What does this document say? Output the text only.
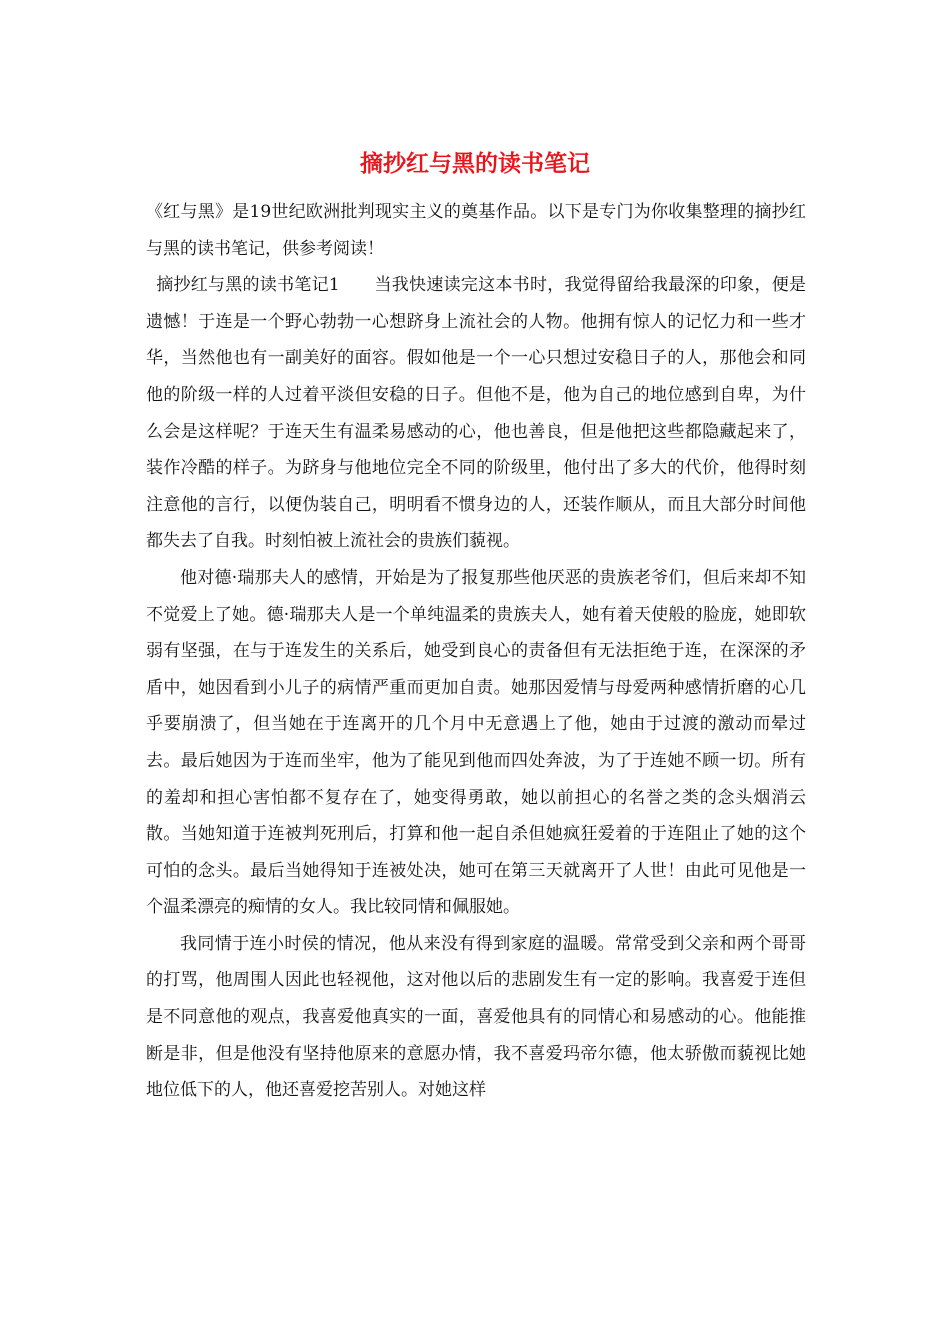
摘抄红与黑的读书笔记

《红与黑》是19世纪欧洲批判现实主义的奠基作品。以下是专门为你收集整理的摘抄红与黑的读书笔记，供参考阅读！

摘抄红与黑的读书笔记1　　当我快速读完这本书时，我觉得留给我最深的印象，便是遗憾！于连是一个野心勃勃一心想跻身上流社会的人物。他拥有惊人的记忆力和一些才华，当然他也有一副美好的面容。假如他是一个一心只想过安稳日子的人，那他会和同他的阶级一样的人过着平淡但安稳的日子。但他不是，他为自己的地位感到自卑，为什么会是这样呢？于连天生有温柔易感动的心，他也善良，但是他把这些都隐藏起来了，装作冷酷的样子。为跻身与他地位完全不同的阶级里，他付出了多大的代价，他得时刻注意他的言行，以便伪装自己，明明看不惯身边的人，还装作顺从，而且大部分时间他都失去了自我。时刻怕被上流社会的贵族们藐视。

他对德·瑞那夫人的感情，开始是为了报复那些他厌恶的贵族老爷们，但后来却不知不觉爱上了她。德·瑞那夫人是一个单纯温柔的贵族夫人，她有着天使般的脸庞，她即软弱有坚强，在与于连发生的关系后，她受到良心的责备但有无法拒绝于连，在深深的矛盾中，她因看到小儿子的病情严重而更加自责。她那因爱情与母爱两种感情折磨的心几乎要崩溃了，但当她在于连离开的几个月中无意遇上了他，她由于过渡的激动而晕过去。最后她因为于连而坐牢，他为了能见到他而四处奔波，为了于连她不顾一切。所有的羞却和担心害怕都不复存在了，她变得勇敢，她以前担心的名誉之类的念头烟消云散。当她知道于连被判死刑后，打算和他一起自杀但她疯狂爱着的于连阻止了她的这个可怕的念头。最后当她得知于连被处决，她可在第三天就离开了人世！由此可见他是一个温柔漂亮的痴情的女人。我比较同情和佩服她。

我同情于连小时侯的情况，他从来没有得到家庭的温暖。常常受到父亲和两个哥哥的打骂，他周围人因此也轻视他，这对他以后的悲剧发生有一定的影响。我喜爱于连但是不同意他的观点，我喜爱他真实的一面，喜爱他具有的同情心和易感动的心。他能推断是非，但是他没有坚持他原来的意愿办情，我不喜爱玛帝尔德，他太骄傲而藐视比她地位低下的人，他还喜爱挖苦别人。对她这样
